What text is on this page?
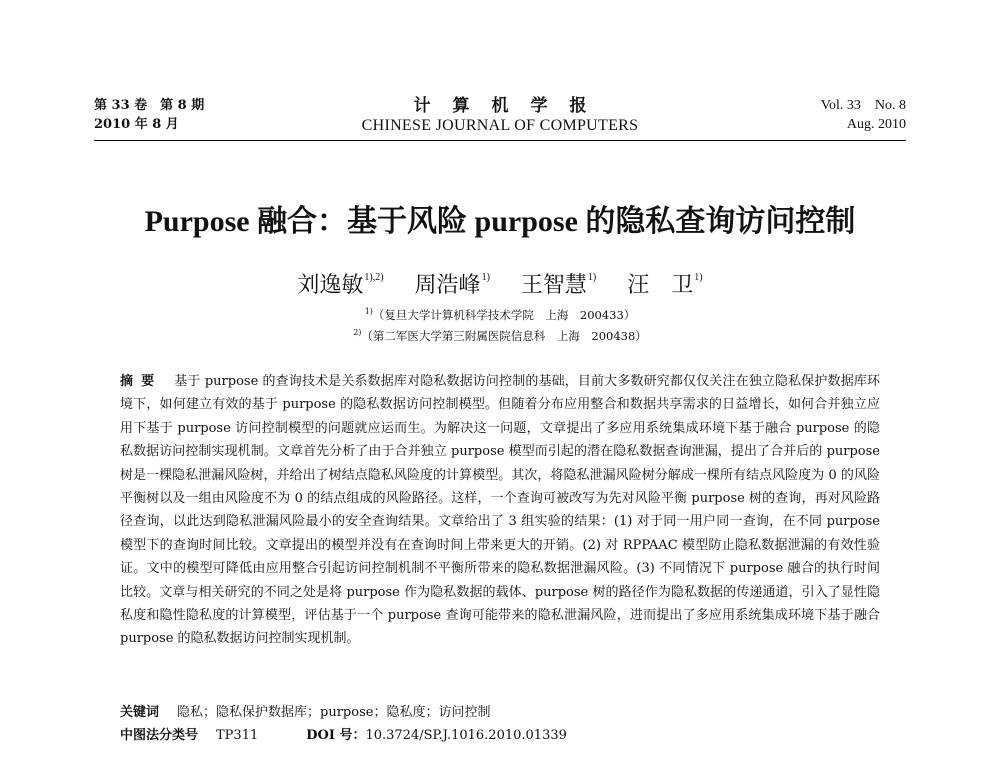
第 33 卷　第 8 期
2010 年 8 月
计算机学报
CHINESE JOURNAL OF COMPUTERS
Vol. 33　No. 8
Aug. 2010
Purpose 融合：基于风险 purpose 的隐私查询访问控制
刘逸敏$^{1),2)}$ 周浩峰$^{1)}$ 王智慧$^{1)}$ 汪　卫$^{1)}$
$^{1)}$（复旦大学计算机科学技术学院　上海　200433）
$^{2)}$（第二军医大学第三附属医院信息科　上海　200438）
摘要 基于 purpose 的查询技术是关系数据库对隐私数据访问控制的基础，目前大多数研究都仅仅关注在独立隐私保护数据库环境下，如何建立有效的基于 purpose 的隐私数据访问控制模型。但随着分布应用整合和数据共享需求的日益增长，如何合并独立应用下基于 purpose 访问控制模型的问题就应运而生。为解决这一问题，文章提出了多应用系统集成环境下基于融合 purpose 的隐私数据访问控制实现机制。文章首先分析了由于合并独立 purpose 模型而引起的潜在隐私数据查询泄漏，提出了合并后的 purpose 树是一棵隐私泄漏风险树，并给出了树结点隐私风险度的计算模型。其次，将隐私泄漏风险树分解成一棵所有结点风险度为 0 的风险平衡树以及一组由风险度不为 0 的结点组成的风险路径。这样，一个查询可被改写为先对风险平衡 purpose 树的查询，再对风险路径查询，以此达到隐私泄漏风险最小的安全查询结果。文章给出了 3 组实验的结果：(1) 对于同一用户同一查询，在不同 purpose 模型下的查询时间比较。文章提出的模型并没有在查询时间上带来更大的开销。(2) 对 RPPAAC 模型防止隐私数据泄漏的有效性验证。文中的模型可降低由应用整合引起访问控制机制不平衡所带来的隐私数据泄漏风险。(3) 不同情况下 purpose 融合的执行时间比较。文章与相关研究的不同之处是将 purpose 作为隐私数据的载体、purpose 树的路径作为隐私数据的传递通道，引入了显性隐私度和隐性隐私度的计算模型，评估基于一个 purpose 查询可能带来的隐私泄漏风险，进而提出了多应用系统集成环境下基于融合 purpose 的隐私数据访问控制实现机制。
关键词 隐私；隐私保护数据库；purpose；隐私度；访问控制
中图法分类号 TP311	DOI 号：10.3724/SP.J.1016.2010.01339
